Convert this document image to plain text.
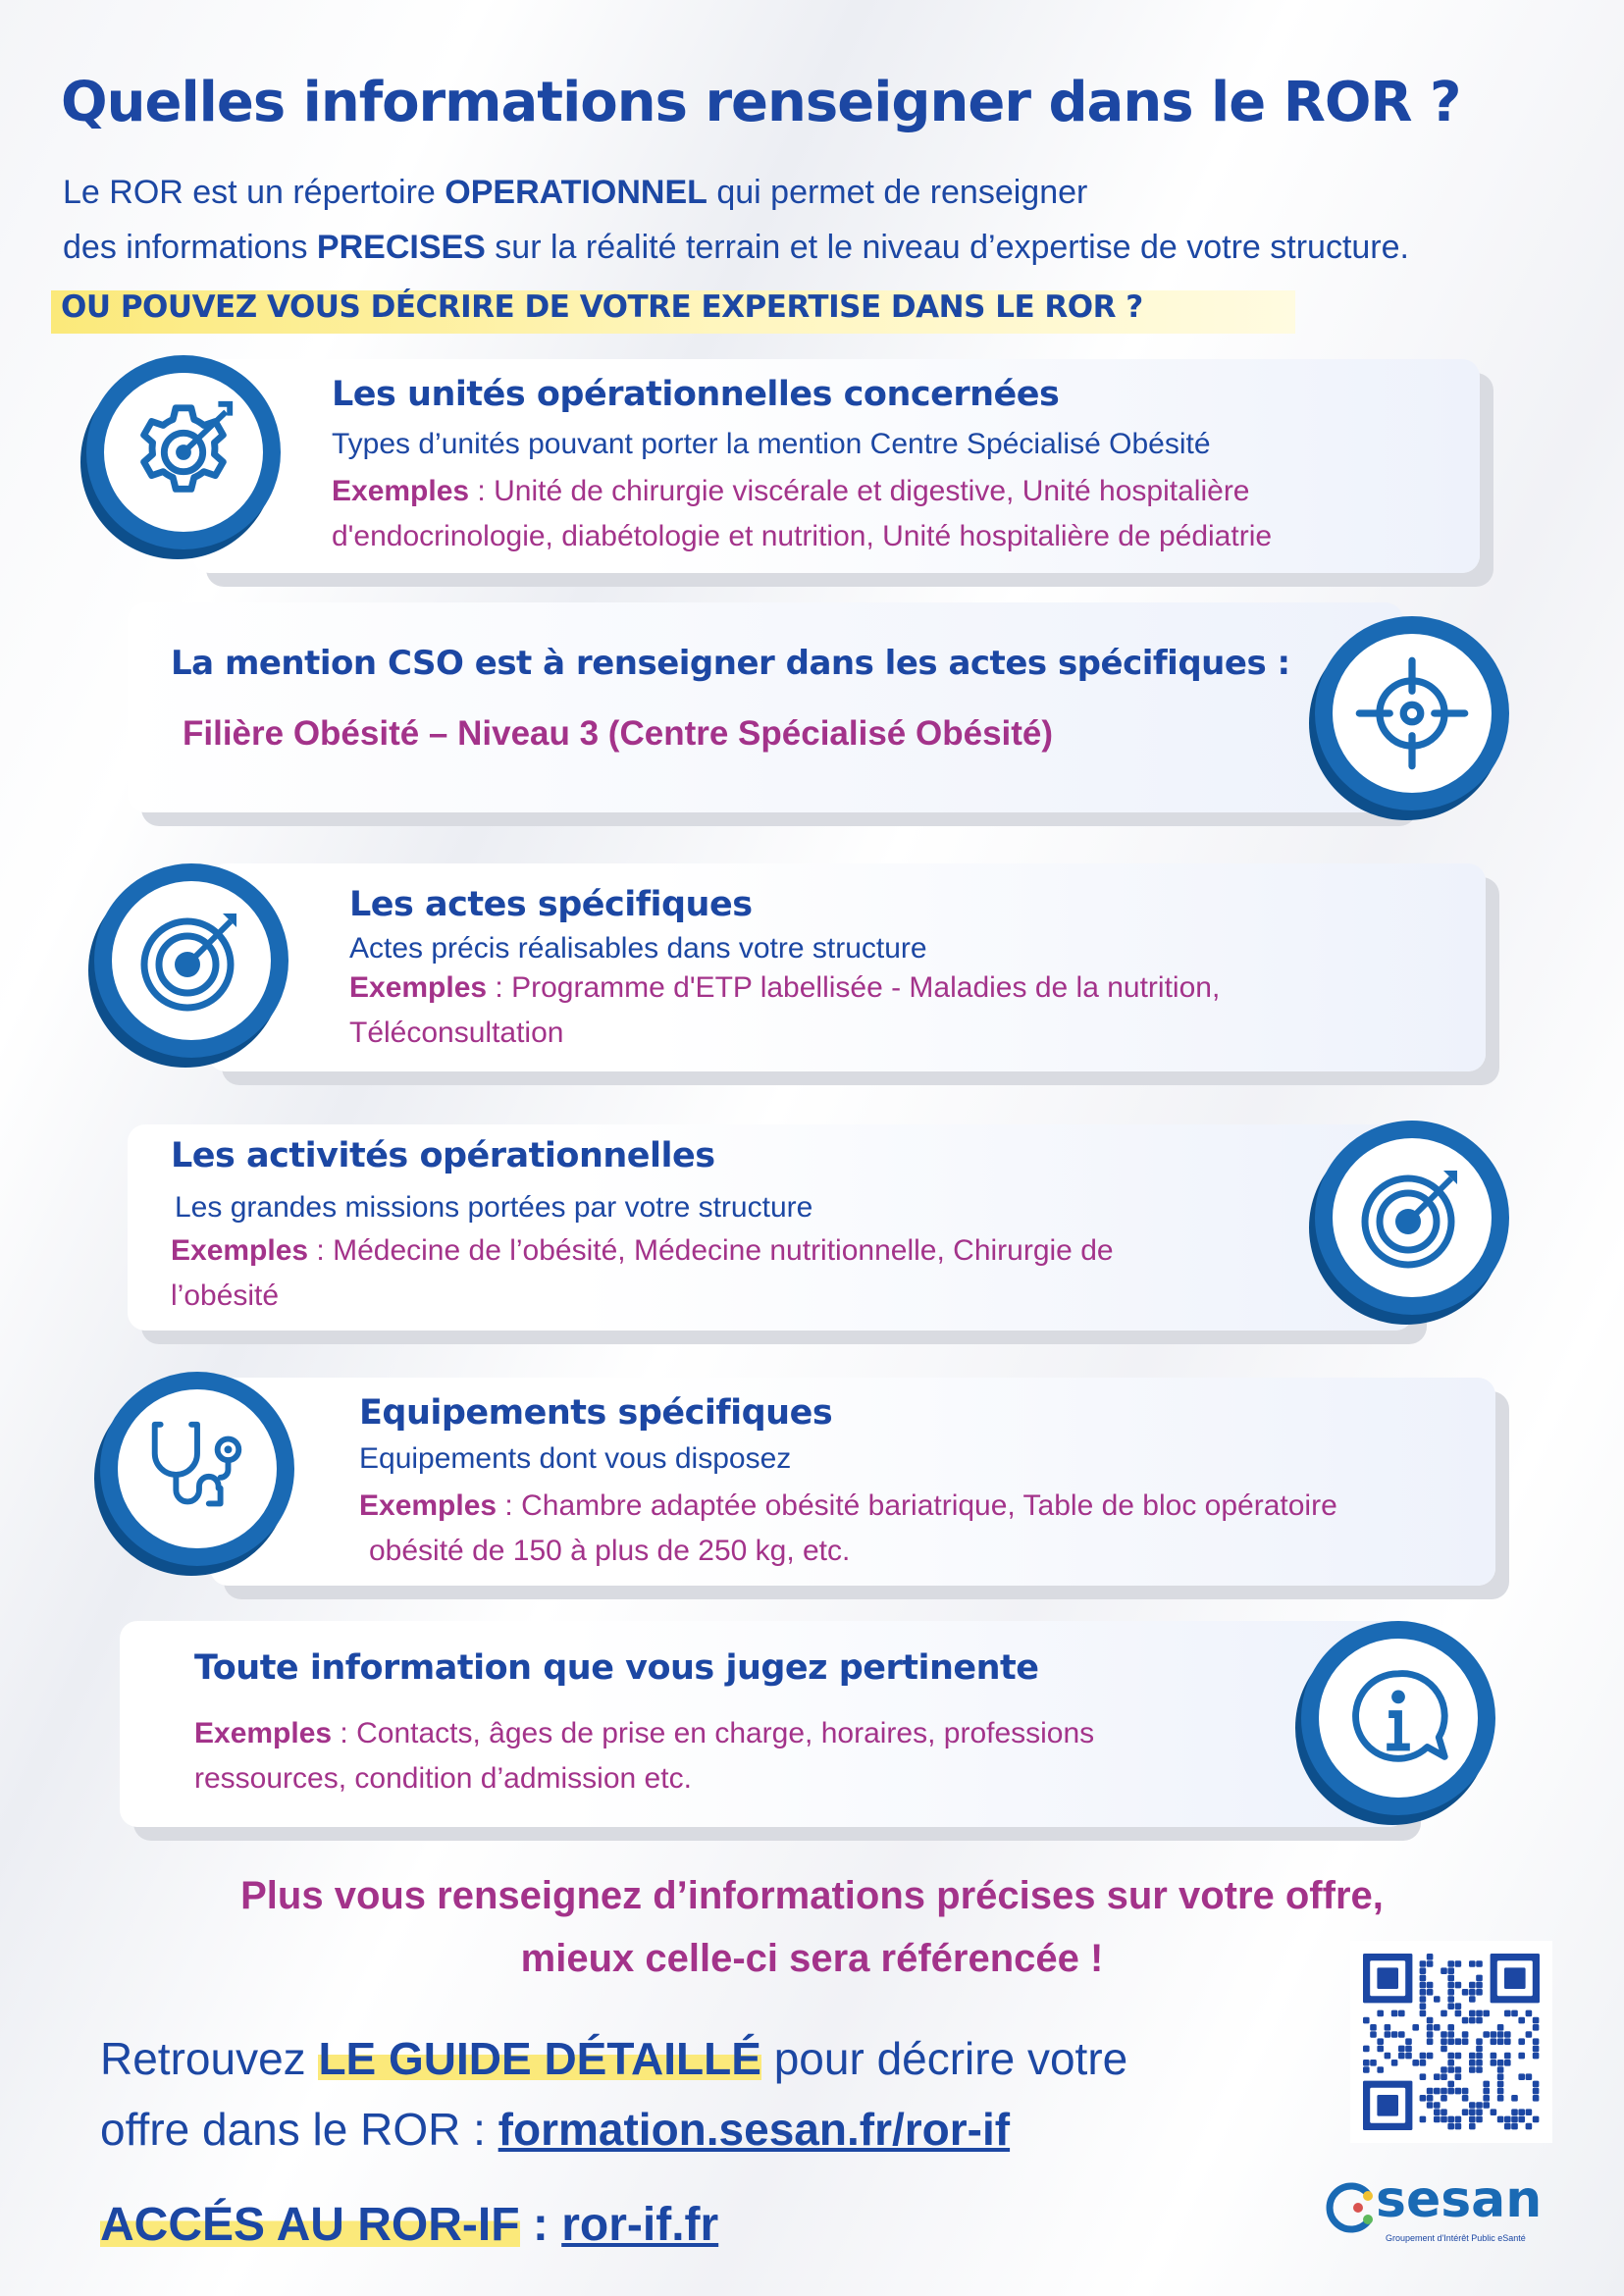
Quelles informations renseigner dans le ROR ?
Le ROR est un répertoire OPERATIONNEL qui permet de renseigner
des informations PRECISES sur la réalité terrain et le niveau d’expertise de votre structure.
OU POUVEZ VOUS DÉCRIRE DE VOTRE EXPERTISE DANS LE ROR ?
Les unités opérationnelles concernées
Types d’unités pouvant porter la mention Centre Spécialisé Obésité
Exemples : Unité de chirurgie viscérale et digestive, Unité hospitalière
d'endocrinologie, diabétologie et nutrition, Unité hospitalière de pédiatrie
La mention CSO est à renseigner dans les actes spécifiques :
Filière Obésité – Niveau 3 (Centre Spécialisé Obésité)
Les actes spécifiques
Actes précis réalisables dans votre structure
Exemples : Programme d'ETP labellisée - Maladies de la nutrition,
Téléconsultation
Les activités opérationnelles
Les grandes missions portées par votre structure
Exemples : Médecine de l’obésité, Médecine nutritionnelle, Chirurgie de
l’obésité
Equipements spécifiques
Equipements dont vous disposez
Exemples : Chambre adaptée obésité bariatrique, Table de bloc opératoire
obésité de 150 à plus de 250 kg, etc.
Toute information que vous jugez pertinente
Exemples : Contacts, âges de prise en charge, horaires, professions
ressources, condition d’admission etc.
Plus vous renseignez d’informations précises sur votre offre,
mieux celle-ci sera référencée !
Retrouvez LE GUIDE DÉTAILLÉ pour décrire votre
offre dans le ROR : formation.sesan.fr/ror-if
ACCÉS AU ROR-IF : ror-if.fr	sesan
Groupement d'Intérêt Public eSanté
